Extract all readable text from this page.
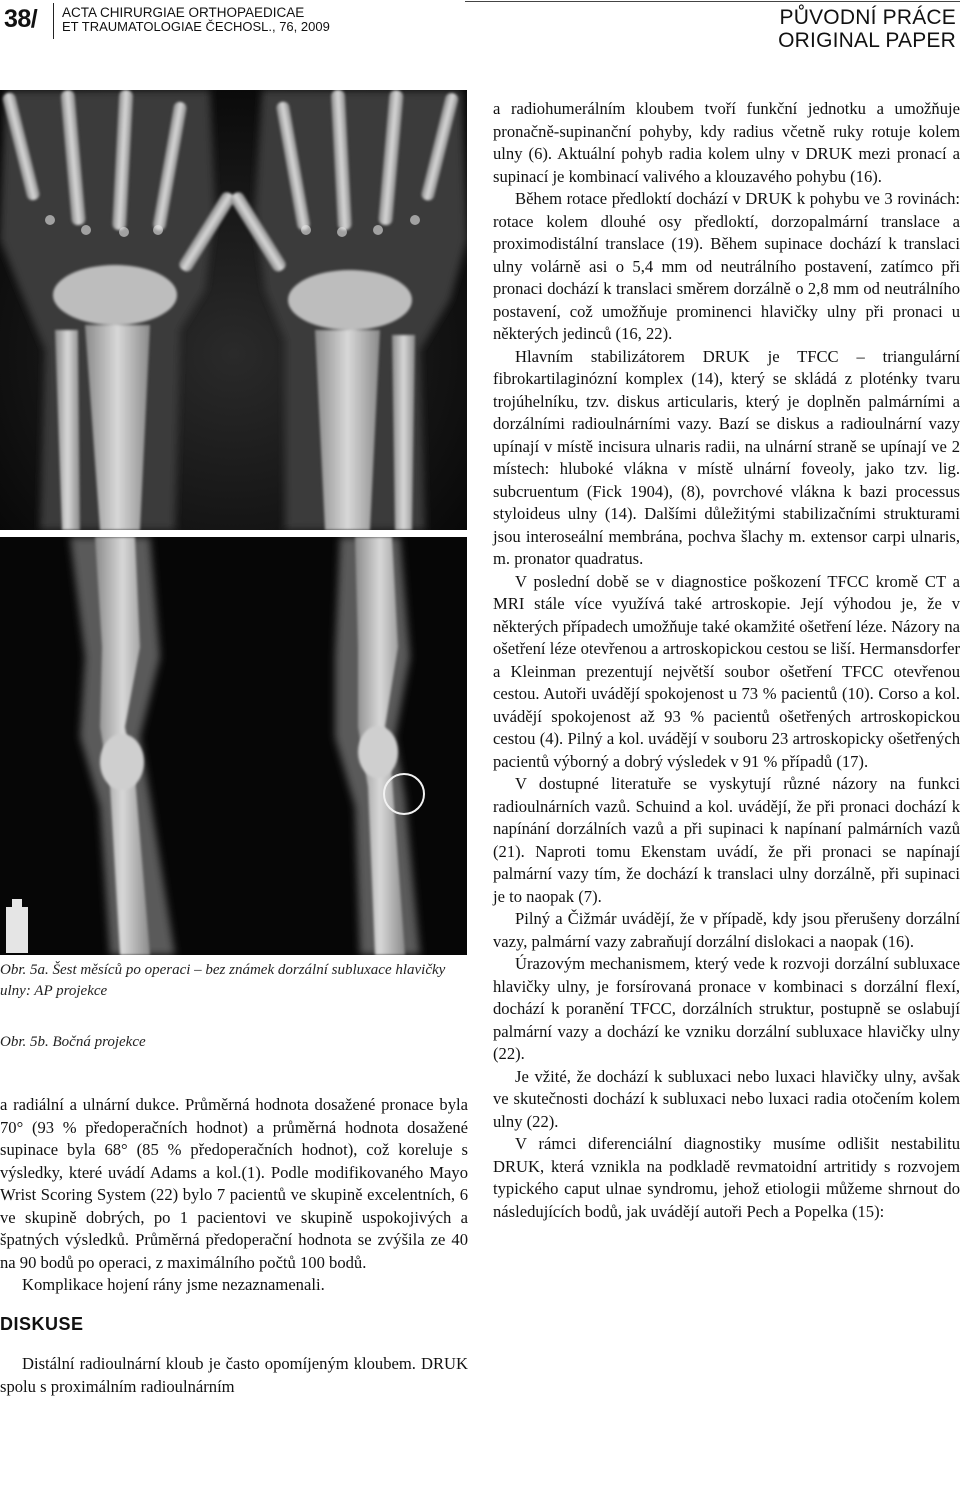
38/ ACTA CHIRURGIAE ORTHOPAEDICAE
ET TRAUMATOLOGIAE ČECHOSL., 76, 2009	PŮVODNÍ PRÁCE
ORIGINAL PAPER
Obr. 5a. Šest měsíců po operaci – bez známek dorzální subluxace hlavičky ulny: AP projekce
Obr. 5b. Bočná projekce

a radiální a ulnární dukce. Průměrná hodnota dosažené pronace byla 70° (93 % předoperačních hodnot) a průměrná hodnota dosažené supinace byla 68° (85 % předoperačních hodnot), což koreluje s výsledky, které uvádí Adams a kol.(1). Podle modifikovaného Mayo Wrist Scoring System (22) bylo 7 pacientů ve skupině excelentních, 6 ve skupině dobrých, po 1 pacientovi ve skupině uspokojivých a špatných výsledků. Průměrná předoperační hodnota se zvýšila ze 40 na 90 bodů po operaci, z maximálního počtů 100 bodů.

Komplikace hojení rány jsme nezaznamenali.

DISKUSE

Distální radioulnární kloub je často opomíjeným kloubem. DRUK spolu s proximálním radioulnárním

a radiohumerálním kloubem tvoří funkční jednotku a umožňuje pronačně-supinanční pohyby, kdy radius včetně ruky rotuje kolem ulny (6). Aktuální pohyb radia kolem ulny v DRUK mezi pronací a supinací je kombinací valivého a klouzavého pohybu (16).

Během rotace předloktí dochází v DRUK k pohybu ve 3 rovinách: rotace kolem dlouhé osy předloktí, dorzopalmární translace a proximodistální translace (19). Během supinace dochází k translaci ulny volárně asi o 5,4 mm od neutrálního postavení, zatímco při pronaci dochází k translaci směrem dorzálně o 2,8 mm od neutrálního postavení, což umožňuje prominenci hlavičky ulny při pronaci u některých jedinců (16, 22).

Hlavním stabilizátorem DRUK je TFCC – triangulární fibrokartilaginózní komplex (14), který se skládá z ploténky tvaru trojúhelníku, tzv. diskus articularis, který je doplněn palmárními a dorzálními radioulnárními vazy. Bazí se diskus a radioulnární vazy upínají v místě incisura ulnaris radii, na ulnární straně se upínají ve 2 místech: hluboké vlákna v místě ulnární foveoly, jako tzv. lig. subcruentum (Fick 1904), (8), povrchové vlákna k bazi processus styloideus ulny (14). Dalšími důležitými stabilizačními strukturami jsou interoseální membrána, pochva šlachy m. extensor carpi ulnaris, m. pronator quadratus.

V poslední době se v diagnostice poškození TFCC kromě CT a MRI stále více využívá také artroskopie. Její výhodou je, že v některých případech umožňuje také okamžité ošetření léze. Názory na ošetření léze otevřenou a artroskopickou cestou se liší. Hermansdorfer a Kleinman prezentují největší soubor ošetření TFCC otevřenou cestou. Autoři uvádějí spokojenost u 73 % pacientů (10). Corso a kol. uvádějí spokojenost až 93 % pacientů ošetřených artroskopickou cestou (4). Pilný a kol. uvádějí v souboru 23 artroskopicky ošetřených pacientů výborný a dobrý výsledek v 91 % případů (17).

V dostupné literatuře se vyskytují různé názory na funkci radioulnárních vazů. Schuind a kol. uvádějí, že při pronaci dochází k napínání dorzálních vazů a při supinaci k napínaní palmárních vazů (21). Naproti tomu Ekenstam uvádí, že při pronaci se napínají palmární vazy tím, že dochází k translaci ulny dorzálně, při supinaci je to naopak (7).

Pilný a Čižmár uvádějí, že v případě, kdy jsou přerušeny dorzální vazy, palmární vazy zabraňují dorzální dislokaci a naopak (16).

Úrazovým mechanismem, který vede k rozvoji dorzální subluxace hlavičky ulny, je forsírovaná pronace v kombinaci s dorzální flexí, dochází k poranění TFCC, dorzálních struktur, postupně se oslabují palmární vazy a dochází ke vzniku dorzální subluxace hlavičky ulny (22).

Je vžité, že dochází k subluxaci nebo luxaci hlavičky ulny, avšak ve skutečnosti dochází k subluxaci nebo luxaci radia otočením kolem ulny (22).

V rámci diferenciální diagnostiky musíme odlišit nestabilitu DRUK, která vznikla na podkladě revmatoidní artritidy s rozvojem typického caput ulnae syndromu, jehož etiologii můžeme shrnout do následujících bodů, jak uvádějí autoři Pech a Popelka (15):
